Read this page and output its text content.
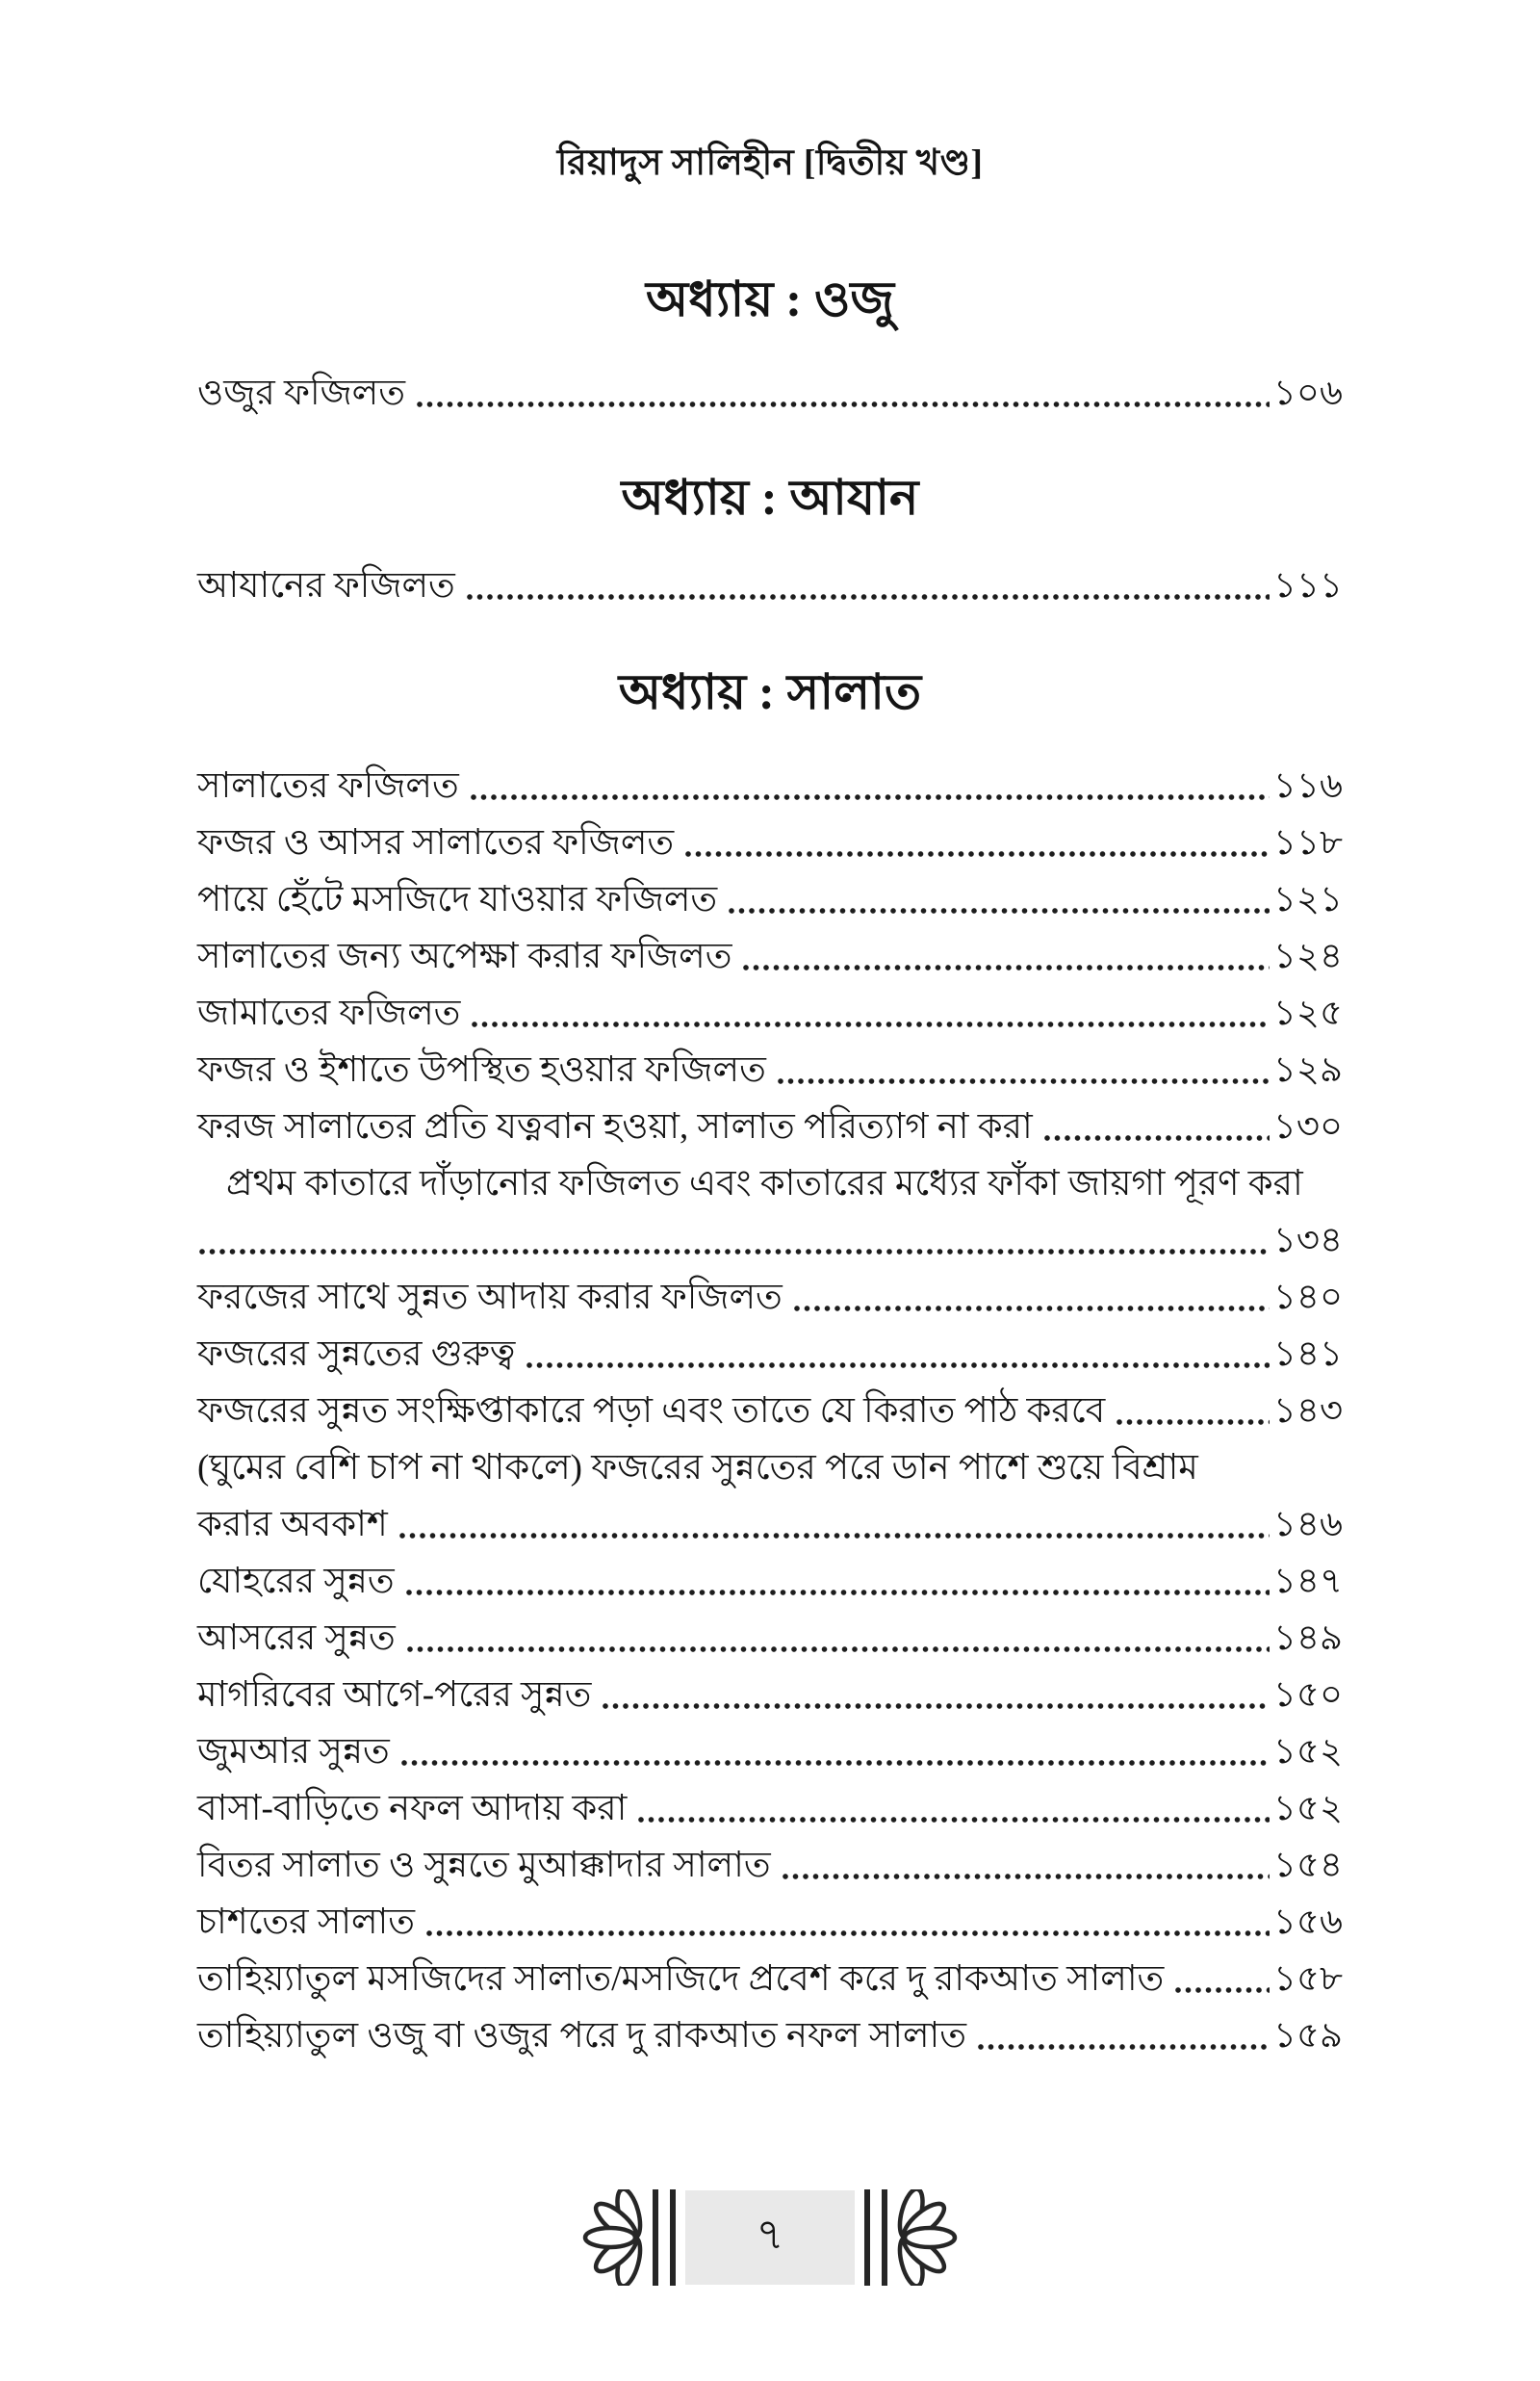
রিয়াদুস সালিহীন [দ্বিতীয় খণ্ড]
অধ্যায় : ওজু
ওজুর ফজিলত	১০৬
অধ্যায় : আযান
আযানের ফজিলত	১১১
অধ্যায় : সালাত
সালাতের ফজিলত	১১৬
ফজর ও আসর সালাতের ফজিলত	১১৮
পায়ে হেঁটে মসজিদে যাওয়ার ফজিলত	১২১
সালাতের জন্য অপেক্ষা করার ফজিলত	১২৪
জামাতের ফজিলত	১২৫
ফজর ও ইশাতে উপস্থিত হওয়ার ফজিলত	১২৯
ফরজ সালাতের প্রতি যত্নবান হওয়া, সালাত পরিত্যাগ না করা	১৩০
প্রথম কাতারে দাঁড়ানোর ফজিলত এবং কাতারের মধ্যের ফাঁকা জায়গা পূরণ করা
১৩৪
ফরজের সাথে সুন্নত আদায় করার ফজিলত	১৪০
ফজরের সুন্নতের গুরুত্ব	১৪১
ফজরের সুন্নত সংক্ষিপ্তাকারে পড়া এবং তাতে যে কিরাত পাঠ করবে	১৪৩
(ঘুমের বেশি চাপ না থাকলে) ফজরের সুন্নতের পরে ডান পাশে শুয়ে বিশ্রাম
করার অবকাশ	১৪৬
যোহরের সুন্নত	১৪৭
আসরের সুন্নত	১৪৯
মাগরিবের আগে-পরের সুন্নত	১৫০
জুমআর সুন্নত	১৫২
বাসা-বাড়িতে নফল আদায় করা	১৫২
বিতর সালাত ও সুন্নতে মুআক্কাদার সালাত	১৫৪
চাশতের সালাত	১৫৬
তাহিয়্যাতুল মসজিদের সালাত/মসজিদে প্রবেশ করে দু রাকআত সালাত	১৫৮
তাহিয়্যাতুল ওজু বা ওজুর পরে দু রাকআত নফল সালাত	১৫৯
৭
